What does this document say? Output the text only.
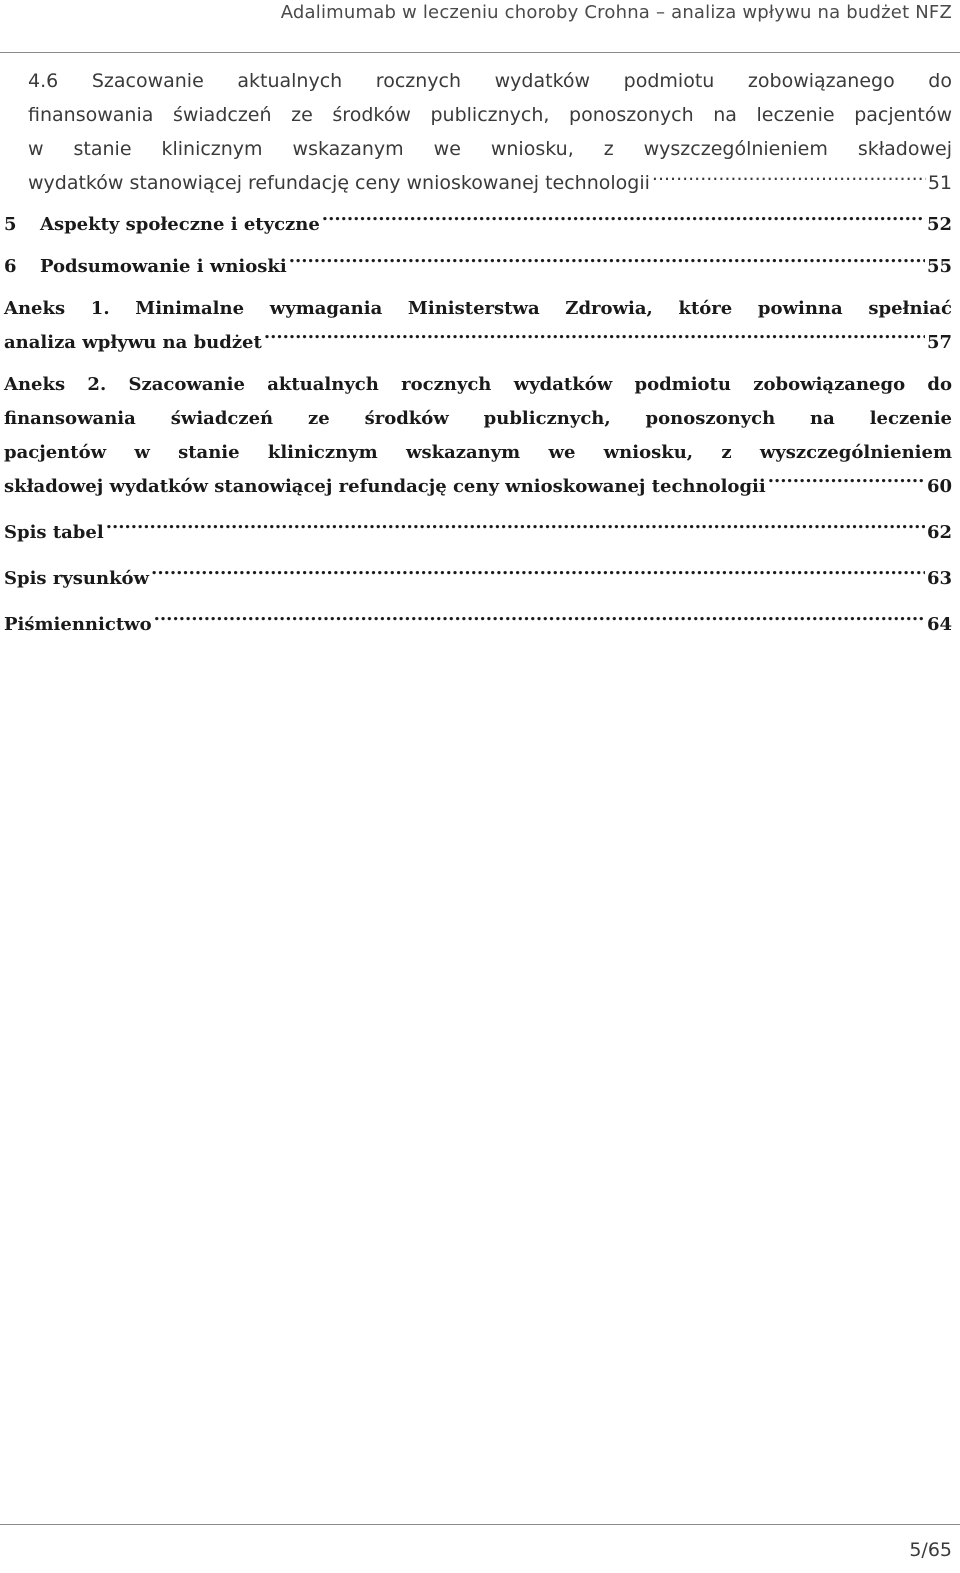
Adalimumab w leczeniu choroby Crohna – analiza wpływu na budżet NFZ
4.6 Szacowanie aktualnych rocznych wydatków podmiotu zobowiązanego do
finansowania świadczeń ze środków publicznych, ponoszonych na leczenie pacjentów
w stanie klinicznym wskazanym we wniosku, z wyszczególnieniem składowej
wydatków stanowiącej refundację ceny wnioskowanej technologii .....	51
5	Aspekty społeczne i etyczne .....	52
6	Podsumowanie i wnioski .....	55
Aneks 1. Minimalne wymagania Ministerstwa Zdrowia, które powinna spełniać
analiza wpływu na budżet .....	57
Aneks 2. Szacowanie aktualnych rocznych wydatków podmiotu zobowiązanego do
finansowania świadczeń ze środków publicznych, ponoszonych na leczenie
pacjentów w stanie klinicznym wskazanym we wniosku, z wyszczególnieniem
składowej wydatków stanowiącej refundację ceny wnioskowanej technologii .....	60
Spis tabel .....	62
Spis rysunków .....	63
Piśmiennictwo .....	64
5/65
